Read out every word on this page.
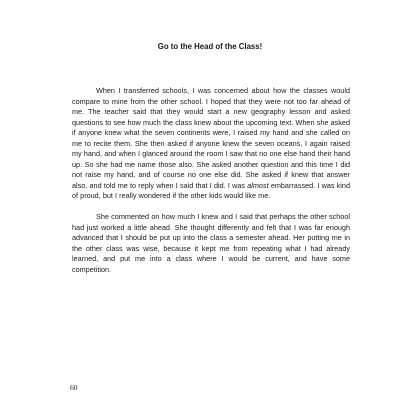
Go to the Head of the Class!

When I transferred schools, I was concerned about how the classes would compare to mine from the other school. I hoped that they were not too far ahead of me. The teacher said that they would start a new geography lesson and asked questions to see how much the class knew about the upcoming text. When she asked if anyone knew what the seven continents were, I raised my hand and she called on me to recite them. She then asked if anyone knew the seven oceans, I again raised my hand, and when I glanced around the room I saw that no one else hand their hand up. So she had me name those also. She asked another question and this time I did not raise my hand, and of course no one else did. She asked if knew that answer also, and told me to reply when I said that I did. I was almost embarrassed. I was kind of proud, but I really wondered if the other kids would like me.

She commented on how much I knew and I said that perhaps the other school had just worked a little ahead. She thought differently and felt that I was far enough advanced that I should be put up into the class a semester ahead. Her putting me in the other class was wise, because it kept me from repeating what I had already learned, and put me into a class where I would be current, and have some competition.

60
